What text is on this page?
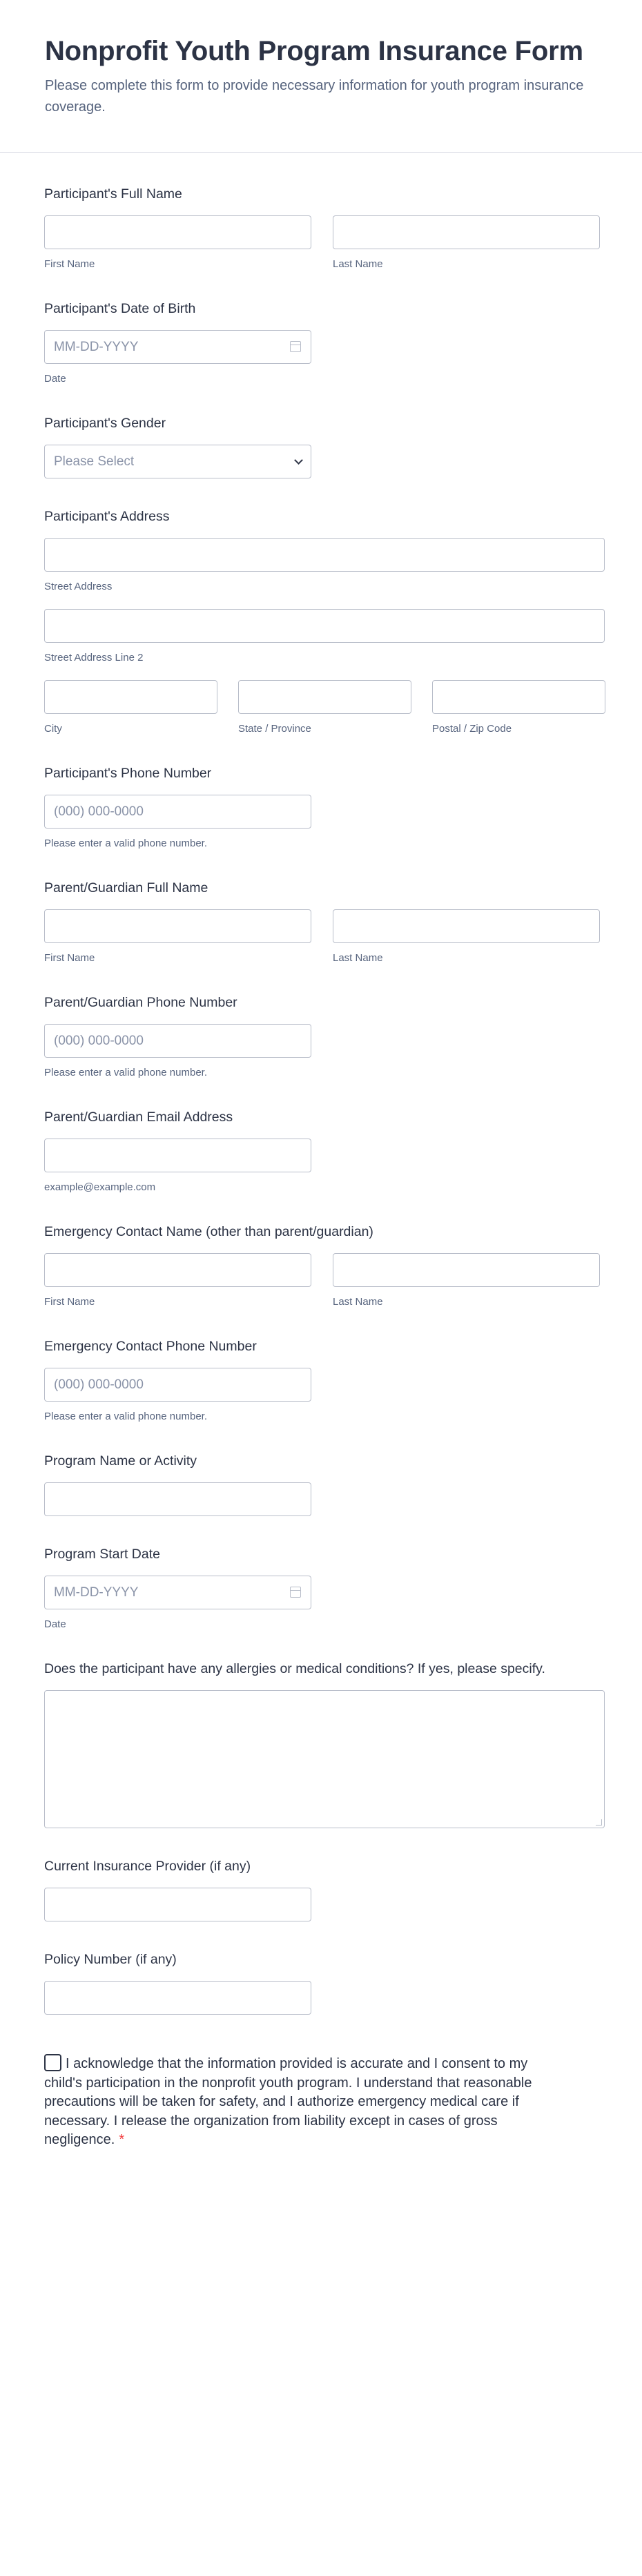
Nonprofit Youth Program Insurance Form

Please complete this form to provide necessary information for youth program insurance coverage.

Participant's Full Name
First Name	Last Name
Participant's Date of Birth
MM-DD-YYYY
Date
Participant's Gender
Please Select
Participant's Address
Street Address
Street Address Line 2
City	State / Province	Postal / Zip Code
Participant's Phone Number
(000) 000-0000
Please enter a valid phone number.
Parent/Guardian Full Name
First Name	Last Name
Parent/Guardian Phone Number
(000) 000-0000
Please enter a valid phone number.
Parent/Guardian Email Address
example@example.com
Emergency Contact Name (other than parent/guardian)
First Name	Last Name
Emergency Contact Phone Number
(000) 000-0000
Please enter a valid phone number.
Program Name or Activity
Program Start Date
MM-DD-YYYY
Date
Does the participant have any allergies or medical conditions? If yes, please specify.
Current Insurance Provider (if any)
Policy Number (if any)
I acknowledge that the information provided is accurate and I consent to my child's participation in the nonprofit youth program. I understand that reasonable precautions will be taken for safety, and I authorize emergency medical care if necessary. I release the organization from liability except in cases of gross negligence. *
